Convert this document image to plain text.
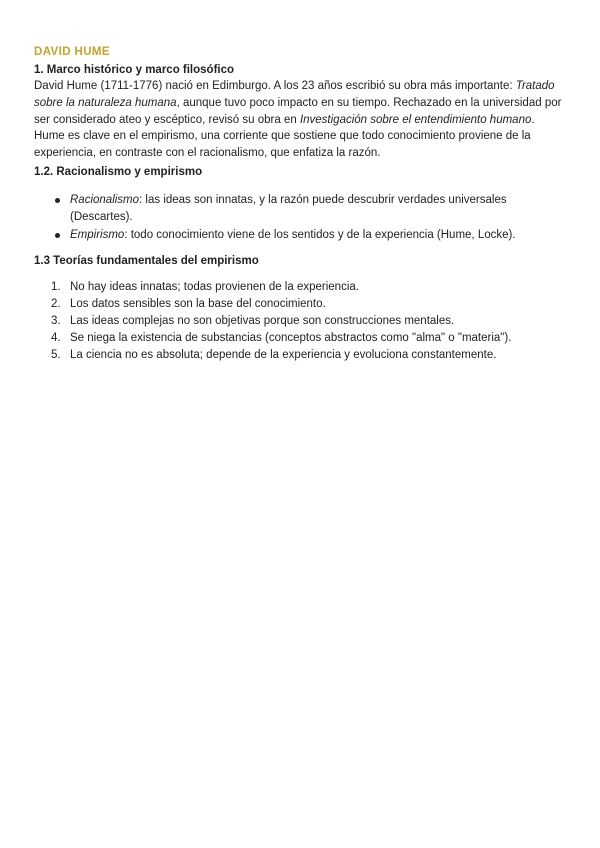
DAVID HUME
1. Marco histórico y marco filosófico

David Hume (1711-1776) nació en Edimburgo. A los 23 años escribió su obra más importante: Tratado sobre la naturaleza humana, aunque tuvo poco impacto en su tiempo. Rechazado en la universidad por ser considerado ateo y escéptico, revisó su obra en Investigación sobre el entendimiento humano. Hume es clave en el empirismo, una corriente que sostiene que todo conocimiento proviene de la experiencia, en contraste con el racionalismo, que enfatiza la razón.

1.2. Racionalismo y empirismo
Racionalismo: las ideas son innatas, y la razón puede descubrir verdades universales (Descartes).
Empirismo: todo conocimiento viene de los sentidos y de la experiencia (Hume, Locke).
1.3 Teorías fundamentales del empirismo
1. No hay ideas innatas; todas provienen de la experiencia.
2. Los datos sensibles son la base del conocimiento.
3. Las ideas complejas no son objetivas porque son construcciones mentales.
4. Se niega la existencia de substancias (conceptos abstractos como "alma" o "materia").
5. La ciencia no es absoluta; depende de la experiencia y evoluciona constantemente.
